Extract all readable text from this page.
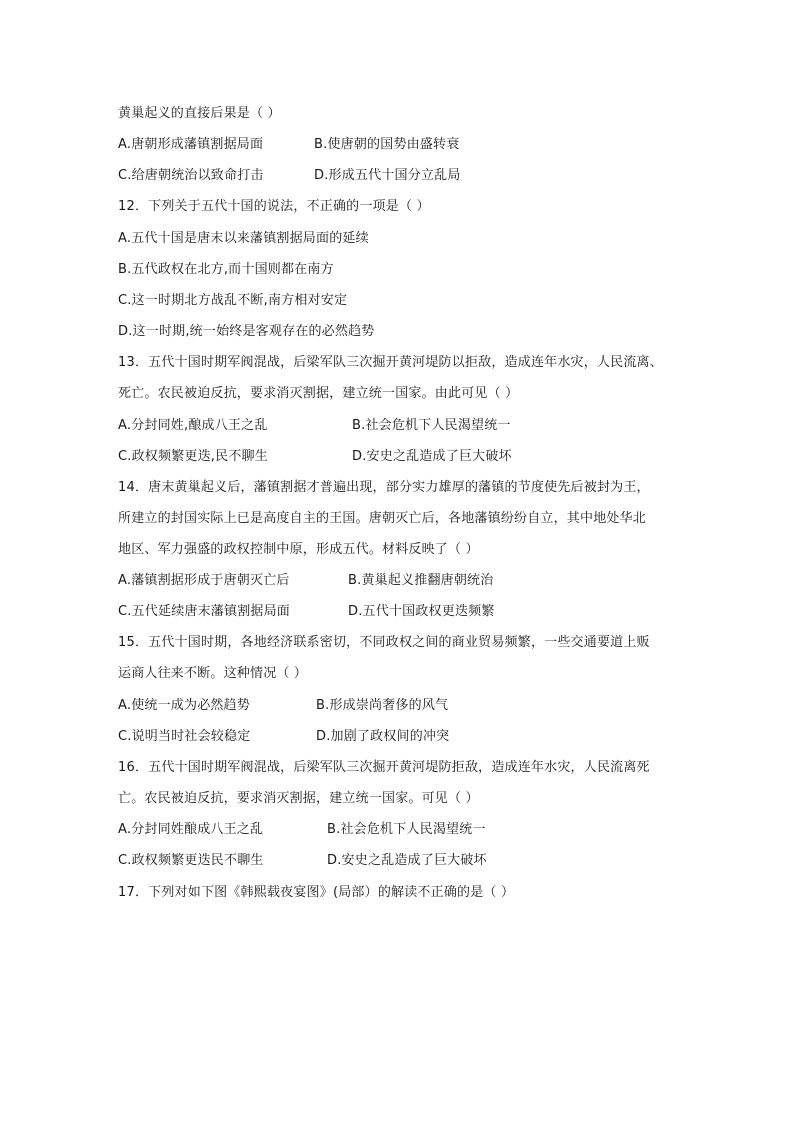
黄巢起义的直接后果是（ ）
A.唐朝形成藩镇割据局面	B.使唐朝的国势由盛转衰
C.给唐朝统治以致命打击	D.形成五代十国分立乱局
12．下列关于五代十国的说法，不正确的一项是（ ）
A.五代十国是唐末以来藩镇割据局面的延续
B.五代政权在北方,而十国则都在南方
C.这一时期北方战乱不断,南方相对安定
D.这一时期,统一始终是客观存在的必然趋势
13．五代十国时期军阀混战，后梁军队三次掘开黄河堤防以拒敌，造成连年水灾，人民流离、
死亡。农民被迫反抗，要求消灭割据，建立统一国家。由此可见（ ）
A.分封同姓,酿成八王之乱	B.社会危机下人民渴望统一
C.政权频繁更迭,民不聊生	D.安史之乱造成了巨大破坏
14．唐末黄巢起义后，藩镇割据才普遍出现，部分实力雄厚的藩镇的节度使先后被封为王，
所建立的封国实际上已是高度自主的王国。唐朝灭亡后，各地藩镇纷纷自立，其中地处华北
地区、军力强盛的政权控制中原，形成五代。材料反映了（ ）
A.藩镇割据形成于唐朝灭亡后	B.黄巢起义推翻唐朝统治
C.五代延续唐末藩镇割据局面	D.五代十国政权更迭频繁
15．五代十国时期，各地经济联系密切，不同政权之间的商业贸易频繁，一些交通要道上贩
运商人往来不断。这种情况（ ）
A.使统一成为必然趋势	B.形成崇尚奢侈的风气
C.说明当时社会较稳定	D.加剧了政权间的冲突
16．五代十国时期军阀混战，后梁军队三次掘开黄河堤防拒敌，造成连年水灾，人民流离死
亡。农民被迫反抗，要求消灭割据，建立统一国家。可见（ ）
A.分封同姓酿成八王之乱	B.社会危机下人民渴望统一
C.政权频繁更迭民不聊生	D.安史之乱造成了巨大破坏
17．下列对如下图《韩熙载夜宴图》(局部）的解读不正确的是（ ）
